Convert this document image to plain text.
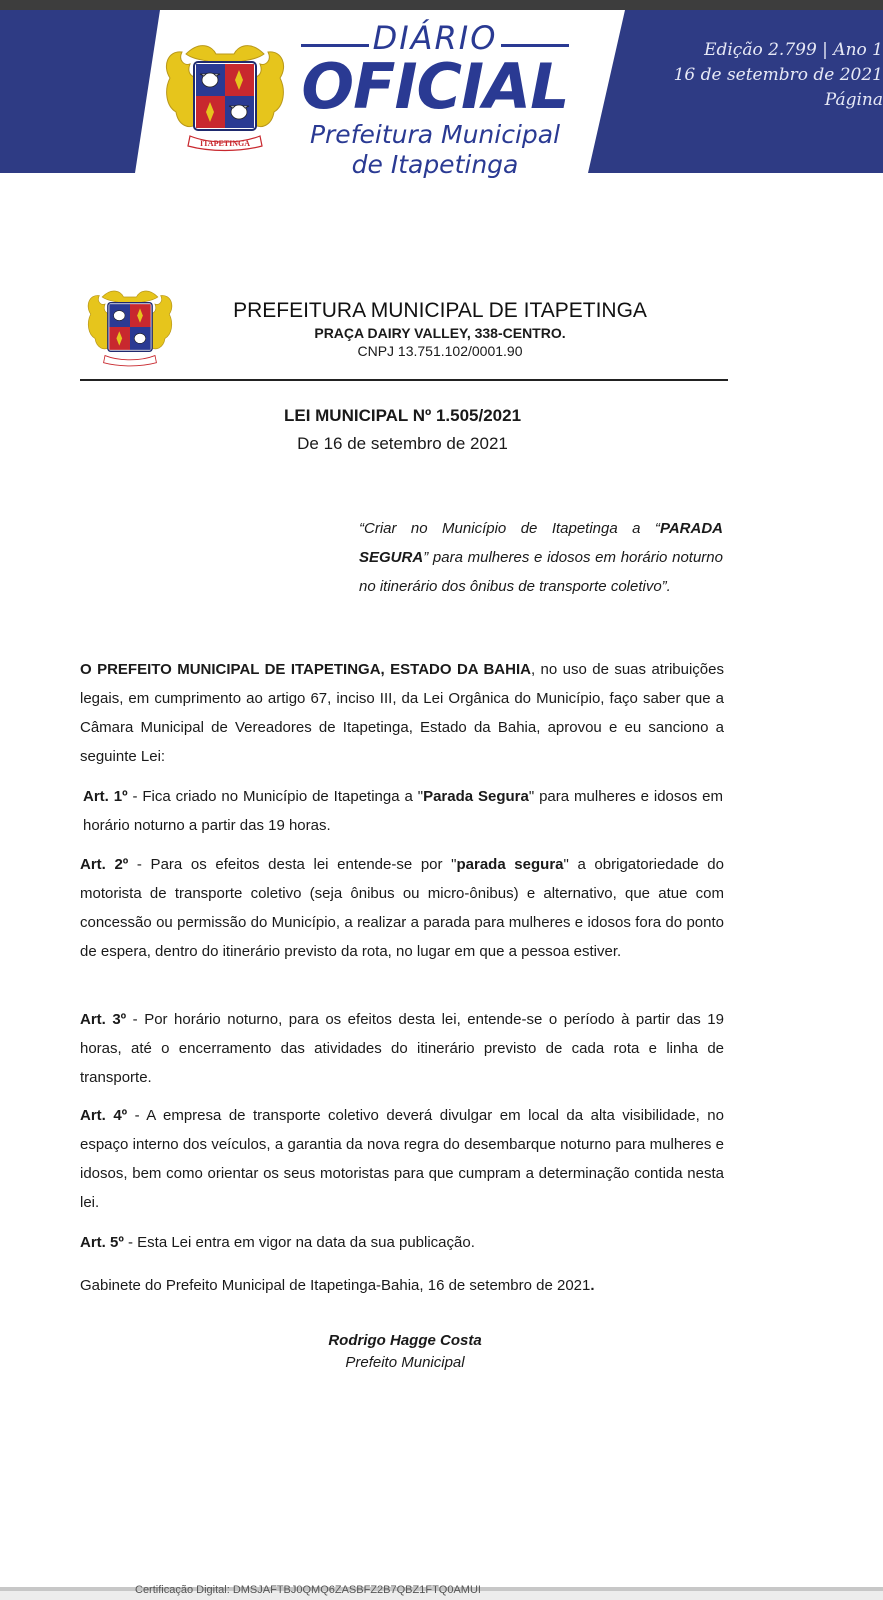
ITAPETINGA
DIÁRIO
OFICIAL
Prefeitura Municipal
de Itapetinga
Edição 2.799 | Ano 1
16 de setembro de 2021
Página
PREFEITURA MUNICIPAL DE ITAPETINGA
PRAÇA DAIRY VALLEY, 338-CENTRO.
CNPJ 13.751.102/0001.90
LEI MUNICIPAL Nº 1.505/2021
De 16 de setembro de 2021
“Criar no Município de Itapetinga a “PARADA SEGURA” para mulheres e idosos em horário noturno no itinerário dos ônibus de transporte coletivo”.
O PREFEITO MUNICIPAL DE ITAPETINGA, ESTADO DA BAHIA, no uso de suas atribuições legais, em cumprimento ao artigo 67, inciso III, da Lei Orgânica do Município, faço saber que a Câmara Municipal de Vereadores de Itapetinga, Estado da Bahia, aprovou e eu sanciono a seguinte Lei:
Art. 1º - Fica criado no Município de Itapetinga a "Parada Segura" para mulheres e idosos em horário noturno a partir das 19 horas.
Art. 2º - Para os efeitos desta lei entende-se por "parada segura" a obrigatoriedade do motorista de transporte coletivo (seja ônibus ou micro-ônibus) e alternativo, que atue com concessão ou permissão do Município, a realizar a parada para mulheres e idosos fora do ponto de espera, dentro do itinerário previsto da rota, no lugar em que a pessoa estiver.
Art. 3º - Por horário noturno, para os efeitos desta lei, entende-se o período à partir das 19 horas, até o encerramento das atividades do itinerário previsto de cada rota e linha de transporte.
Art. 4º - A empresa de transporte coletivo deverá divulgar em local da alta visibilidade, no espaço interno dos veículos, a garantia da nova regra do desembarque noturno para mulheres e idosos, bem como orientar os seus motoristas para que cumpram a determinação contida nesta lei.
Art. 5º - Esta Lei entra em vigor na data da sua publicação.
Gabinete do Prefeito Municipal de Itapetinga-Bahia, 16 de setembro de 2021.
Rodrigo Hagge Costa
Prefeito Municipal
Certificação Digital: DMSJAFTBJ0QMQ6ZASBFZ2B7QBZ1FTQ0AMUI
